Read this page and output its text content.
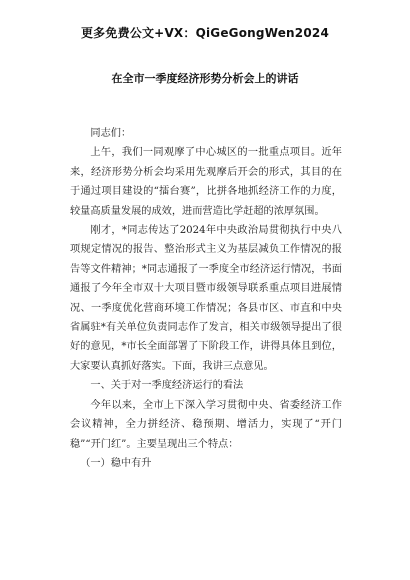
更多免费公文+VX：QiGeGongWen2024
在全市一季度经济形势分析会上的讲话

同志们：

上午，我们一同观摩了中心城区的一批重点项目。近年来，经济形势分析会均采用先观摩后开会的形式，其目的在于通过项目建设的“擂台赛”，比拼各地抓经济工作的力度，较量高质量发展的成效，进而营造比学赶超的浓厚氛围。

刚才，*同志传达了2024年中央政治局贯彻执行中央八项规定情况的报告、整治形式主义为基层减负工作情况的报告等文件精神；*同志通报了一季度全市经济运行情况，书面通报了今年全市双十大项目暨市级领导联系重点项目进展情况、一季度优化营商环境工作情况；各县市区、市直和中央省属驻*有关单位负责同志作了发言，相关市级领导提出了很好的意见，*市长全面部署了下阶段工作，讲得具体且到位，大家要认真抓好落实。下面，我讲三点意见。

一、关于对一季度经济运行的看法

今年以来，全市上下深入学习贯彻中央、省委经济工作会议精神，全力拼经济、稳预期、增活力，实现了“开门稳”“开门红”。主要呈现出三个特点：

（一）稳中有升
